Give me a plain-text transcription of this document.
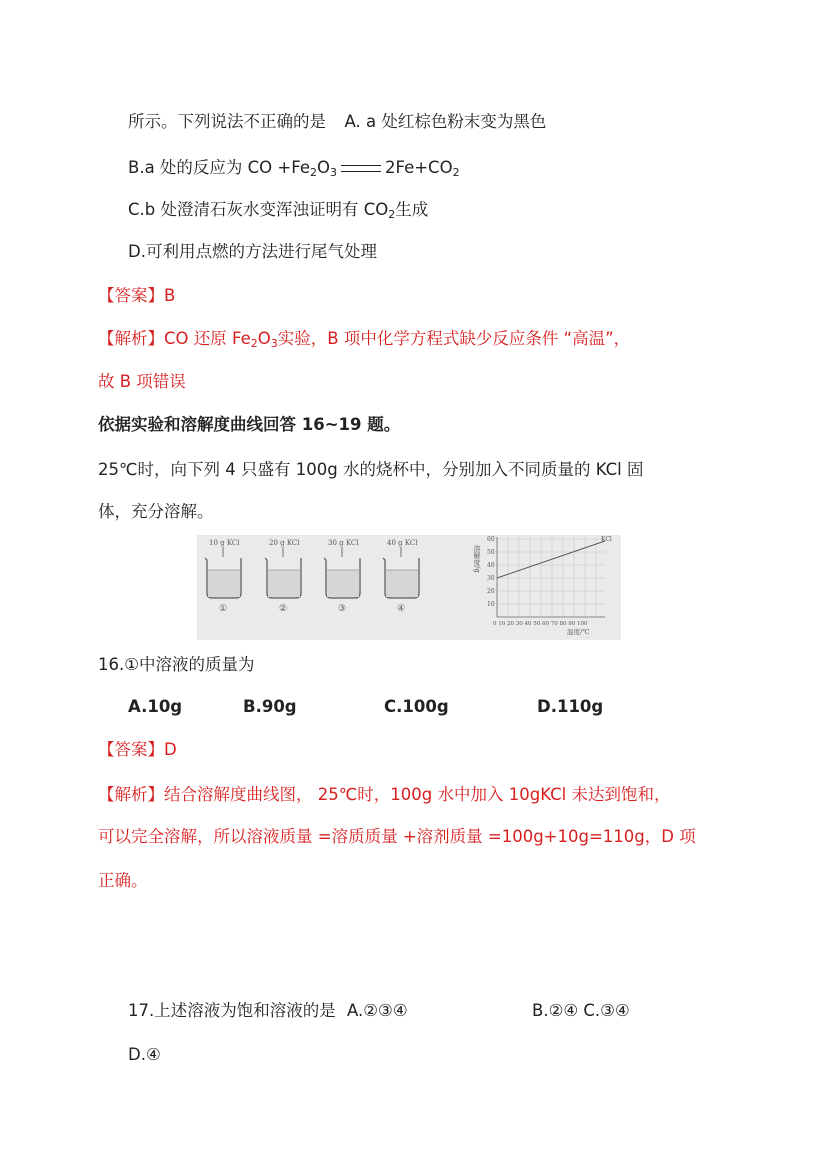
所示。下列说法不正确的是 A. a 处红棕色粉末变为黑色
B.a 处的反应为 CO $+Fe_2O_3$	$2Fe+CO_2$
C.b 处澄清石灰水变浑浊证明有 $CO_2$生成
D.可利用点燃的方法进行尾气处理
【答案】B
【解析】CO 还原 $Fe_2O_3$实验，B 项中化学方程式缺少反应条件 “高温”，
故 B 项错误
依据实验和溶解度曲线回答 16~19 题。
25℃时，向下列 4 只盛有 100g 水的烧杯中，分别加入不同质量的 KCl 固
体，充分溶解。
10 g KCl
①
20 g KCl
②
30 g KCl
③
40 g KCl
④
溶解度/g
60
50
40
30
20
10
KCl
0 10 20 30 40 50 60 70 80 90 100
温度/℃
16.①中溶液的质量为
A.10g	B.90g	C.100g	D.110g
【答案】D
【解析】结合溶解度曲线图， 25℃时，100g 水中加入 10gKCl 未达到饱和，
可以完全溶解，所以溶液质量 =溶质质量 +溶剂质量 =100g+10g=110g，D 项
正确。
17.上述溶液为饱和溶液的是 A.②③④	B.②④ C.③④
D.④
